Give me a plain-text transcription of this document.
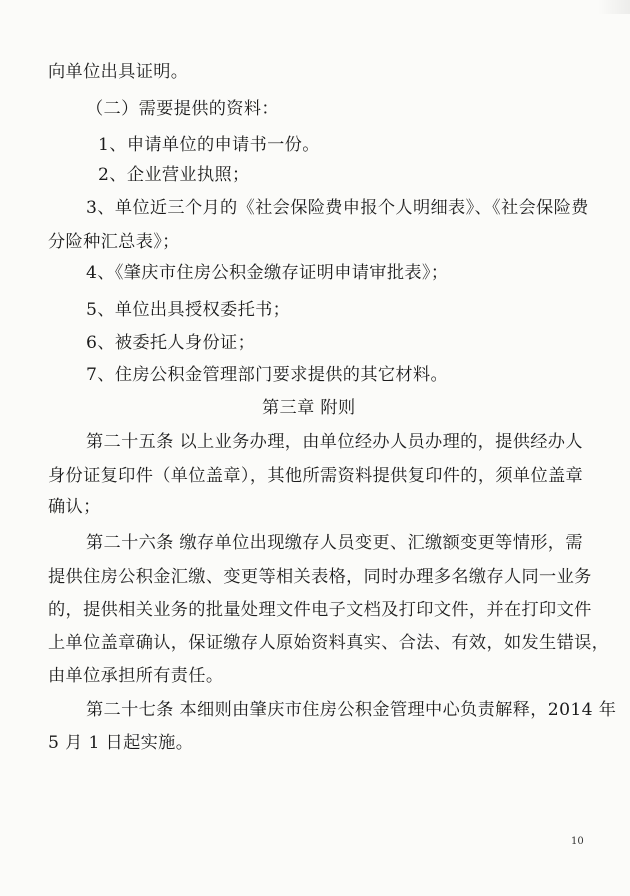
向单位出具证明。
（二）需要提供的资料：
1、申请单位的申请书一份。
2、企业营业执照；
3、单位近三个月的《社会保险费申报个人明细表》、《社会保险费
分险种汇总表》；
4、《肇庆市住房公积金缴存证明申请审批表》；
5、单位出具授权委托书；
6、被委托人身份证；
7、住房公积金管理部门要求提供的其它材料。
第三章 附则
第二十五条 以上业务办理，由单位经办人员办理的，提供经办人
身份证复印件（单位盖章），其他所需资料提供复印件的，须单位盖章
确认；
第二十六条 缴存单位出现缴存人员变更、汇缴额变更等情形，需
提供住房公积金汇缴、变更等相关表格，同时办理多名缴存人同一业务
的，提供相关业务的批量处理文件电子文档及打印文件，并在打印文件
上单位盖章确认，保证缴存人原始资料真实、合法、有效，如发生错误，
由单位承担所有责任。
第二十七条 本细则由肇庆市住房公积金管理中心负责解释，2014 年
5 月 1 日起实施。
10
